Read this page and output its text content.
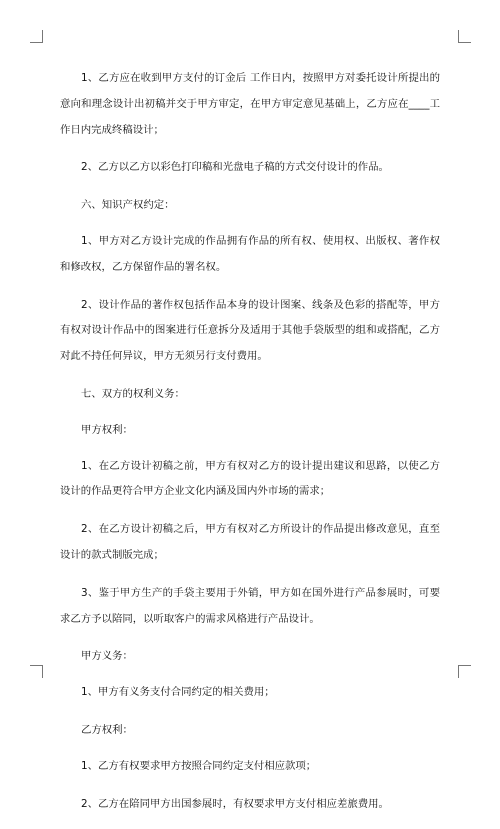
1、乙方应在收到甲方支付的订金后 工作日内，按照甲方对委托设计所提出的意向和理念设计出初稿并交于甲方审定，在甲方审定意见基础上，乙方应在____工作日内完成终稿设计；

2、乙方以乙方以彩色打印稿和光盘电子稿的方式交付设计的作品。

六、知识产权约定：

1、甲方对乙方设计完成的作品拥有作品的所有权、使用权、出版权、著作权和修改权，乙方保留作品的署名权。

2、设计作品的著作权包括作品本身的设计图案、线条及色彩的搭配等，甲方有权对设计作品中的图案进行任意拆分及适用于其他手袋版型的组和或搭配，乙方对此不持任何异议，甲方无须另行支付费用。

七、双方的权利义务：

甲方权利：

1、在乙方设计初稿之前，甲方有权对乙方的设计提出建议和思路，以使乙方设计的作品更符合甲方企业文化内涵及国内外市场的需求；

2、在乙方设计初稿之后，甲方有权对乙方所设计的作品提出修改意见，直至设计的款式制版完成；

3、鉴于甲方生产的手袋主要用于外销，甲方如在国外进行产品参展时，可要求乙方予以陪同，以听取客户的需求风格进行产品设计。

甲方义务：

1、甲方有义务支付合同约定的相关费用；

乙方权利：

1、乙方有权要求甲方按照合同约定支付相应款项；

2、乙方在陪同甲方出国参展时，有权要求甲方支付相应差旅费用。
